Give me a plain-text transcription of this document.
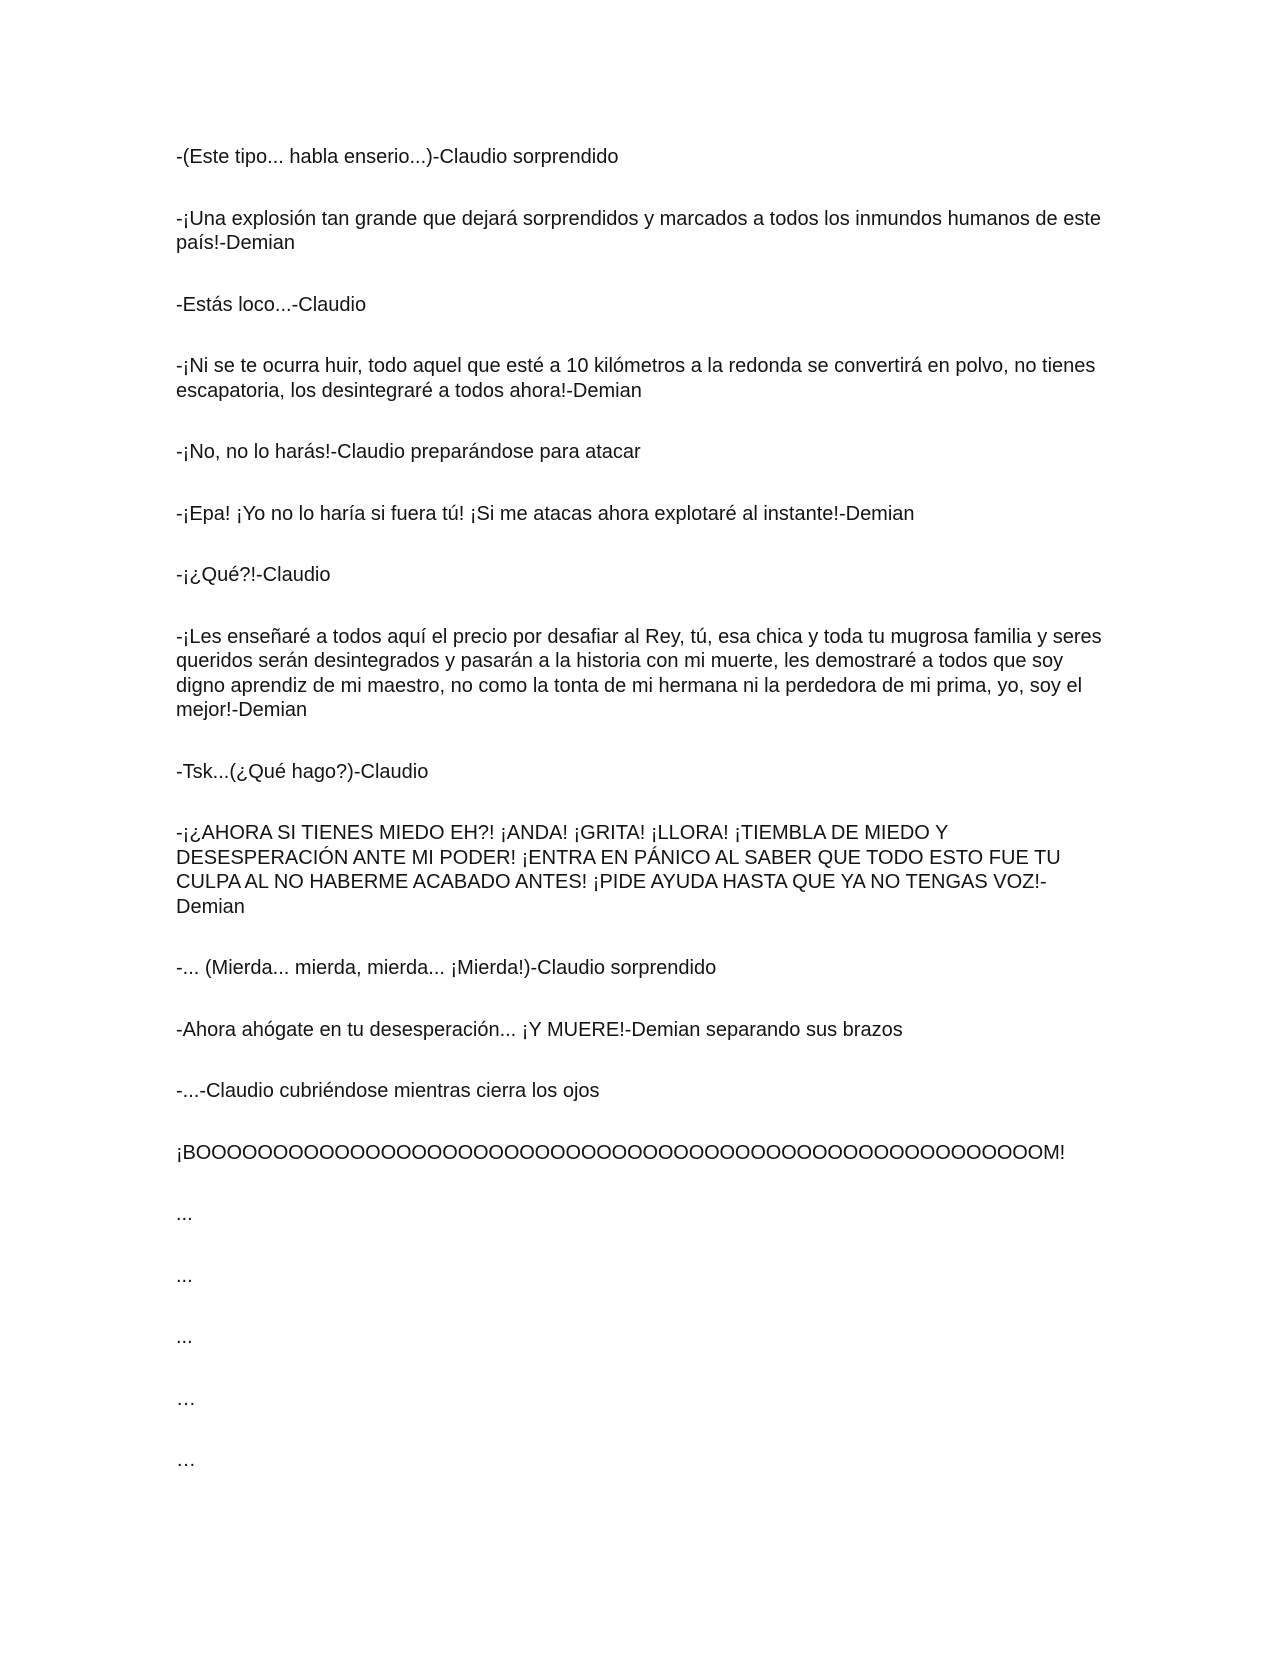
-(Este tipo... habla enserio...)-Claudio sorprendido

-¡Una explosión tan grande que dejará sorprendidos y marcados a todos los inmundos humanos de este país!-Demian

-Estás loco...-Claudio

-¡Ni se te ocurra huir, todo aquel que esté a 10 kilómetros a la redonda se convertirá en polvo, no tienes escapatoria, los desintegraré a todos ahora!-Demian

-¡No, no lo harás!-Claudio preparándose para atacar

-¡Epa! ¡Yo no lo haría si fuera tú! ¡Si me atacas ahora explotaré al instante!-Demian

-¡¿Qué?!-Claudio

-¡Les enseñaré a todos aquí el precio por desafiar al Rey, tú, esa chica y toda tu mugrosa familia y seres queridos serán desintegrados y pasarán a la historia con mi muerte, les demostraré a todos que soy digno aprendiz de mi maestro, no como la tonta de mi hermana ni la perdedora de mi prima, yo, soy el mejor!-Demian

-Tsk...(¿Qué hago?)-Claudio

-¡¿AHORA SI TIENES MIEDO EH?! ¡ANDA! ¡GRITA! ¡LLORA! ¡TIEMBLA DE MIEDO Y DESESPERACIÓN ANTE MI PODER! ¡ENTRA EN PÁNICO AL SABER QUE TODO ESTO FUE TU CULPA AL NO HABERME ACABADO ANTES! ¡PIDE AYUDA HASTA QUE YA NO TENGAS VOZ!-Demian

-... (Mierda... mierda, mierda... ¡Mierda!)-Claudio sorprendido

-Ahora ahógate en tu desesperación... ¡Y MUERE!-Demian separando sus brazos

-...-Claudio cubriéndose mientras cierra los ojos

¡BOOOOOOOOOOOOOOOOOOOOOOOOOOOOOOOOOOOOOOOOOOOOOOOOOOOOOOOM!

...

...

...

…

…
